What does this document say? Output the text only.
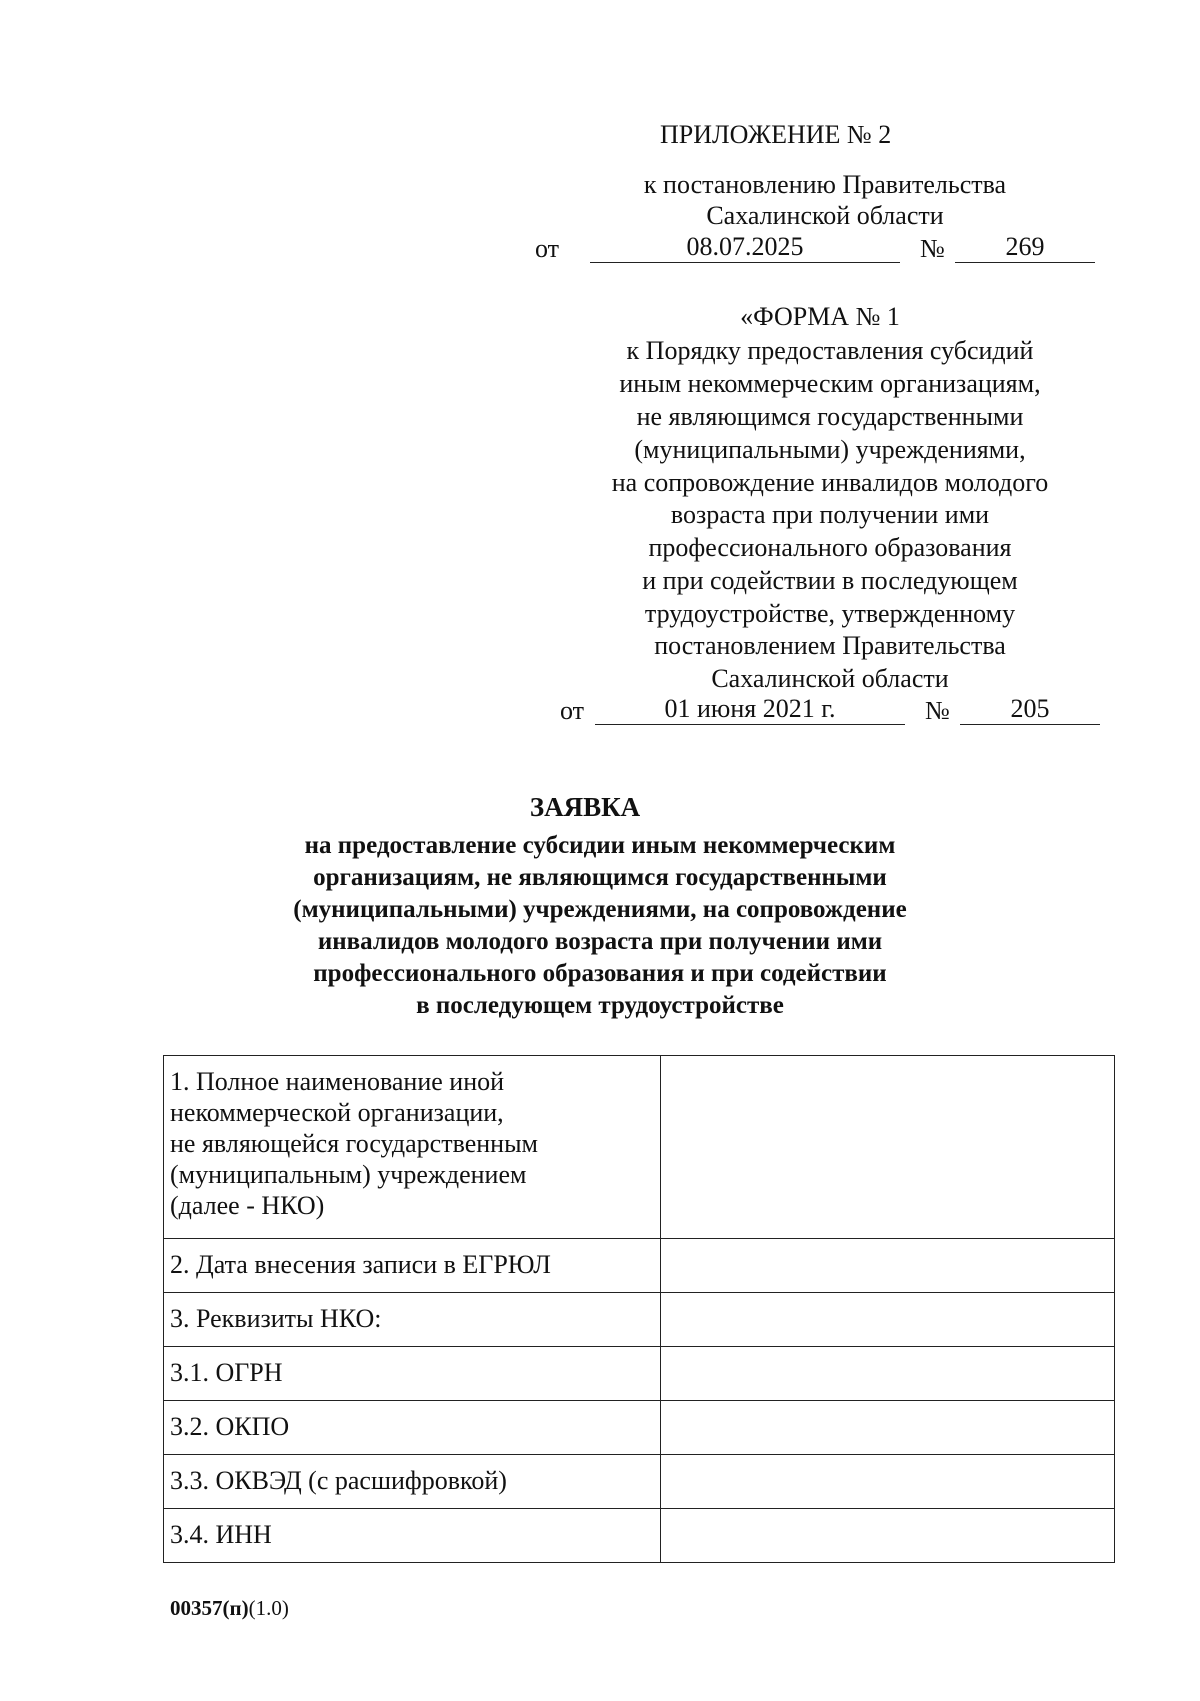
ПРИЛОЖЕНИЕ № 2
к постановлению Правительства
Сахалинской области
от	08.07.2025	№	269
«ФОРМА № 1
к Порядку предоставления субсидий
иным некоммерческим организациям,
не являющимся государственными
(муниципальными) учреждениями,
на сопровождение инвалидов молодого
возраста при получении ими
профессионального образования
и при содействии в последующем
трудоустройстве, утвержденному
постановлением Правительства
Сахалинской области
от	01 июня 2021 г.	№	205
ЗАЯВКА
на предоставление субсидии иным некоммерческим
организациям, не являющимся государственными
(муниципальными) учреждениями, на сопровождение
инвалидов молодого возраста при получении ими
профессионального образования и при содействии
в последующем трудоустройстве
1. Полное наименование иной
некоммерческой организации,
не являющейся государственным
(муниципальным) учреждением
(далее - НКО)	
2. Дата внесения записи в ЕГРЮЛ	
3. Реквизиты НКО:	
3.1. ОГРН	
3.2. ОКПО	
3.3. ОКВЭД (с расшифровкой)	
3.4. ИНН	
00357(п)(1.0)
